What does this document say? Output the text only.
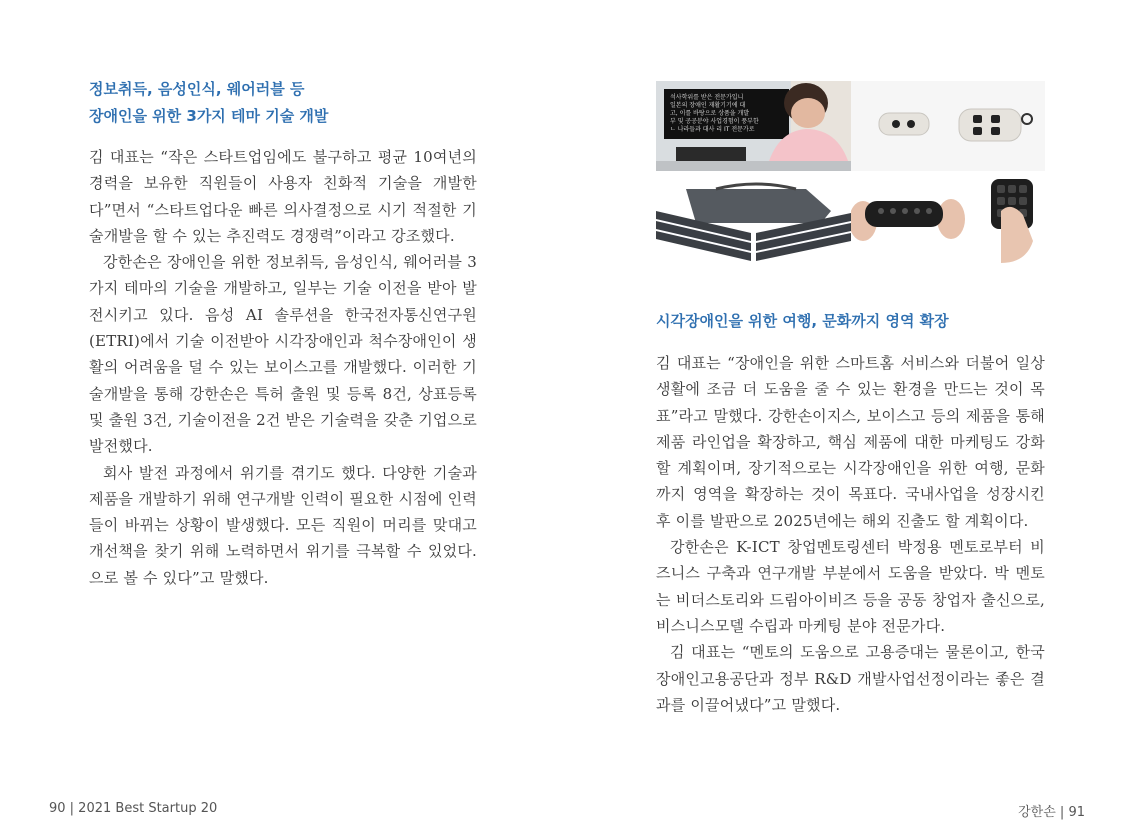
정보취득, 음성인식, 웨어러블 등
장애인을 위한 3가지 테마 기술 개발

김 대표는 “작은 스타트업임에도 불구하고 평균 10여년의 경력을 보유한 직원들이 사용자 친화적 기술을 개발한다”면서 “스타트업다운 빠른 의사결정으로 시기 적절한 기술개발을 할 수 있는 추진력도 경쟁력”이라고 강조했다.

강한손은 장애인을 위한 정보취득, 음성인식, 웨어러블 3가지 테마의 기술을 개발하고, 일부는 기술 이전을 받아 발전시키고 있다. 음성 AI 솔루션을 한국전자통신연구원(ETRI)에서 기술 이전받아 시각장애인과 척수장애인이 생활의 어려움을 덜 수 있는 보이스고를 개발했다. 이러한 기술개발을 통해 강한손은 특허 출원 및 등록 8건, 상표등록 및 출원 3건, 기술이전을 2건 받은 기술력을 갖춘 기업으로 발전했다.

회사 발전 과정에서 위기를 겪기도 했다. 다양한 기술과 제품을 개발하기 위해 연구개발 인력이 필요한 시점에 인력들이 바뀌는 상황이 발생했다. 모든 직원이 머리를 맞대고 개선책을 찾기 위해 노력하면서 위기를 극복할 수 있었다.으로 볼 수 있다”고 말했다.

석사학위를 받은 전문가입니
일본의 장애인 재활기기에 대
고, 이를 바탕으로 상품을 개발
부 및 공공분야 사업경험이 풍부한
ㄴ 나라들과 대사 리 IT 전문가로
시각장애인을 위한 여행, 문화까지 영역 확장

김 대표는 “장애인을 위한 스마트홈 서비스와 더불어 일상생활에 조금 더 도움을 줄 수 있는 환경을 만드는 것이 목표”라고 말했다. 강한손이지스, 보이스고 등의 제품을 통해 제품 라인업을 확장하고, 핵심 제품에 대한 마케팅도 강화할 계획이며, 장기적으로는 시각장애인을 위한 여행, 문화까지 영역을 확장하는 것이 목표다. 국내사업을 성장시킨 후 이를 발판으로 2025년에는 해외 진출도 할 계획이다.

강한손은 K-ICT 창업멘토링센터 박정용 멘토로부터 비즈니스 구축과 연구개발 부분에서 도움을 받았다. 박 멘토는 비더스토리와 드림아이비즈 등을 공동 창업자 출신으로, 비스니스모델 수립과 마케팅 분야 전문가다.

김 대표는 “멘토의 도움으로 고용증대는 물론이고, 한국장애인고용공단과 정부 R&D 개발사업선정이라는 좋은 결과를 이끌어냈다”고 말했다.

90 | 2021 Best Startup 20	강한손 | 91
